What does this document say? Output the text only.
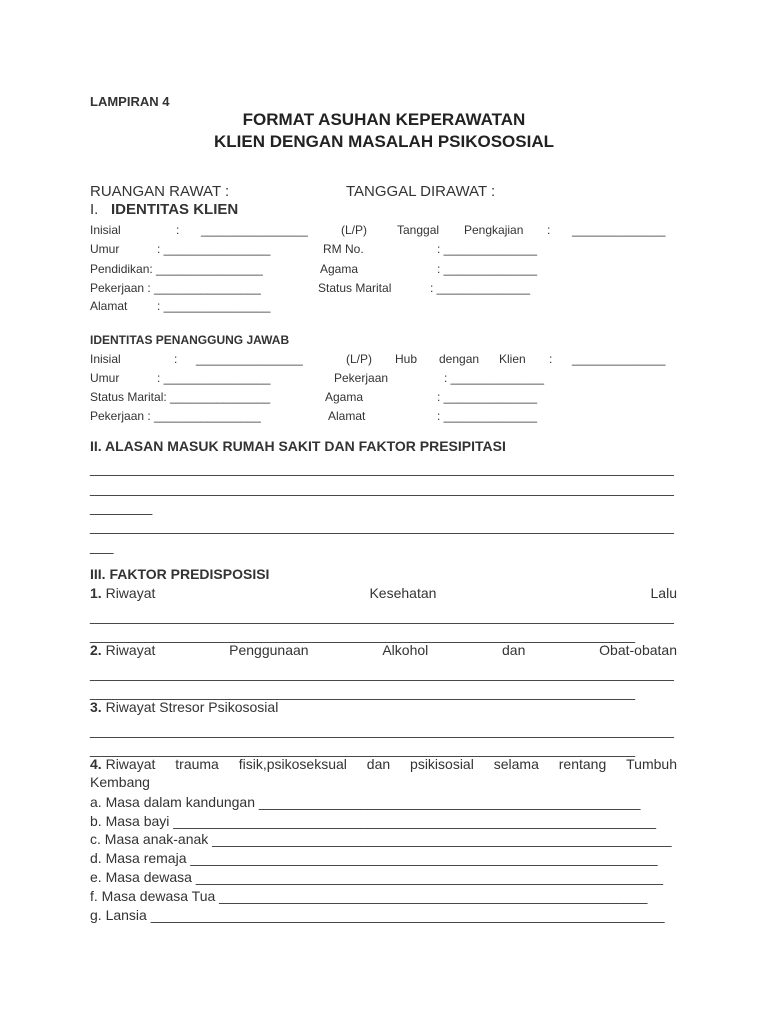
LAMPIRAN 4
FORMAT ASUHAN KEPERAWATAN
KLIEN DENGAN MASALAH PSIKOSOSIAL
RUANGAN RAWAT :	TANGGAL DIRAWAT :
I. IDENTITAS KLIEN
Inisial	: ________________	(L/P) Tanggal Pengkajian : ______________
Umur	: ________________	RM No.	: ______________
Pendidikan: ________________	Agama	: ______________
Pekerjaan : ________________	Status Marital	: ______________
Alamat : ________________
IDENTITAS PENANGGUNG JAWAB
Inisial	: ________________	(L/P) Hub dengan Klien : ______________
Umur	: ________________	Pekerjaan	: ______________
Status Marital: _______________	Agama	: ______________
Pekerjaan : ________________	Alamat	: ______________
II. ALASAN MASUK RUMAH SAKIT DAN FAKTOR PRESIPITASI
___________________________________________________________________________
___________________________________________________________________________
________
___________________________________________________________________________
___
III. FAKTOR PREDISPOSISI
1. Riwayat	Kesehatan	Lalu
___________________________________________________________________________
______________________________________________________________________
2. Riwayat	Penggunaan	Alkohol	dan	Obat-obatan
___________________________________________________________________________
______________________________________________________________________
3. Riwayat Stresor Psikososial
___________________________________________________________________________
______________________________________________________________________
4. Riwayat trauma fisik,psikoseksual dan psikisosial selama rentang Tumbuh
Kembang
a. Masa dalam kandungan _________________________________________________
b. Masa bayi ______________________________________________________________
c. Masa anak-anak ___________________________________________________________
d. Masa remaja ____________________________________________________________
e. Masa dewasa ____________________________________________________________
f. Masa dewasa Tua _______________________________________________________
g. Lansia __________________________________________________________________
